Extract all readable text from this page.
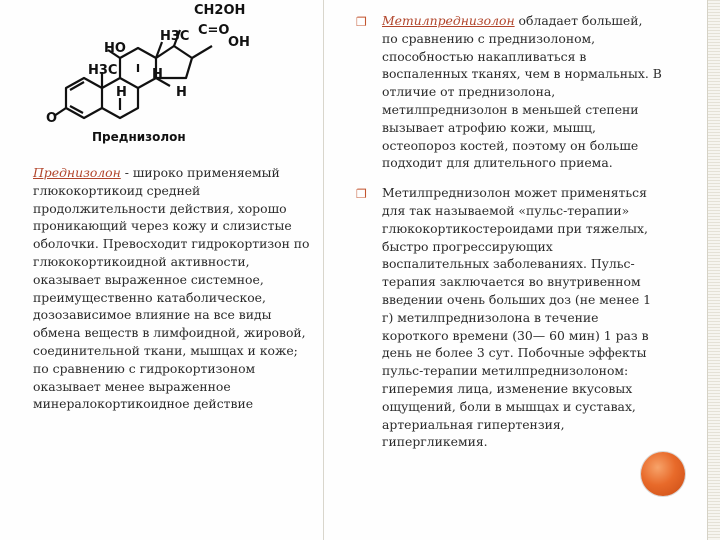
CH2OH
C=O
OH
HO
H3C
H3C	H
H	H
O
Преднизолон
Преднизолон - широко применяемый глюкокортикоид средней продолжительности действия, хорошо проникающий через кожу и слизистые оболочки. Превосходит гидрокортизон по глюкокортикоидной активности, оказывает выраженное системное, преимущественно катаболическое, дозозависимое влияние на все виды обмена веществ в лимфоидной, жировой, соединительной ткани, мышцах и коже; по сравнению с гидрокортизоном оказывает менее выраженное минералокортикоидное действие
❐ Метилпреднизолон обладает большей, по сравнению с преднизолоном, способностью накапливаться в воспаленных тканях, чем в нормальных. В отличие от преднизолона, метилпреднизолон в меньшей степени вызывает атрофию кожи, мышц, остеопороз костей, поэтому он больше подходит для длительного приема.
❐ Метилпреднизолон может применяться для так называемой «пульс-терапии» глюкокортикостероидами при тяжелых, быстро прогрессирующих воспалительных заболеваниях. Пульс-терапия заключается во внутривенном введении очень больших доз (не менее 1 г) метилпреднизолона в течение короткого времени (30— 60 мин) 1 раз в день не более 3 сут. Побочные эффекты пульс-терапии метилпреднизолоном: гиперемия лица, изменение вкусовых ощущений, боли в мышцах и суставах, артериальная гипертензия, гипергликемия.
